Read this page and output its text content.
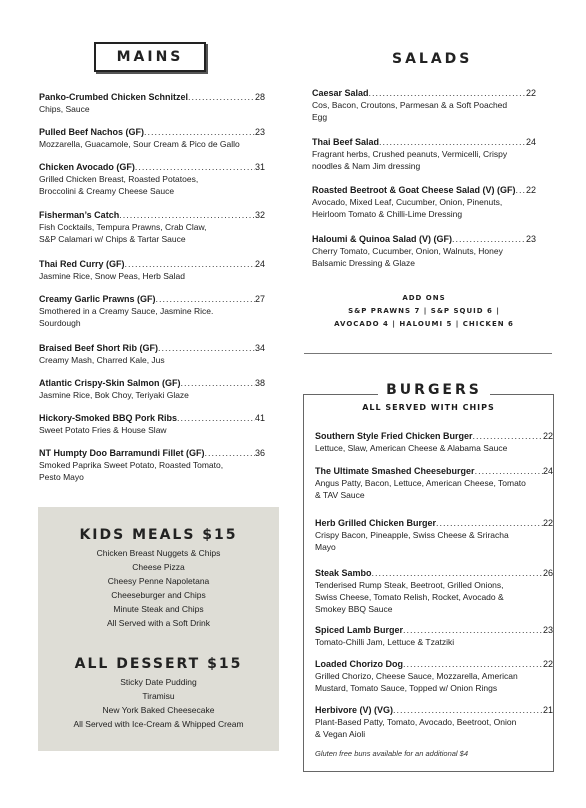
MAINS
Panko-Crumbed Chicken Schnitzel .....	28
Chips, Sauce
Pulled Beef Nachos (GF) .....	23
Mozzarella, Guacamole, Sour Cream & Pico de Gallo
Chicken Avocado (GF) .....	31
Grilled Chicken Breast, Roasted Potatoes,
Broccolini & Creamy Cheese Sauce
Fisherman’s Catch .....	32
Fish Cocktails, Tempura Prawns, Crab Claw,
S&P Calamari w/ Chips & Tartar Sauce
Thai Red Curry (GF) .....	24
Jasmine Rice, Snow Peas, Herb Salad
Creamy Garlic Prawns (GF) .....	27
Smothered in a Creamy Sauce, Jasmine Rice.
Sourdough
Braised Beef Short Rib (GF) .....	34
Creamy Mash, Charred Kale, Jus
Atlantic Crispy-Skin Salmon (GF) .....	38
Jasmine Rice, Bok Choy, Teriyaki Glaze
Hickory-Smoked BBQ Pork Ribs .....	41
Sweet Potato Fries & House Slaw
NT Humpty Doo Barramundi Fillet (GF) .....	36
Smoked Paprika Sweet Potato, Roasted Tomato,
Pesto Mayo
SALADS
Caesar Salad .....	22
Cos, Bacon, Croutons, Parmesan & a Soft Poached
Egg
Thai Beef Salad .....	24
Fragrant herbs, Crushed peanuts, Vermicelli, Crispy
noodles & Nam Jim dressing
Roasted Beetroot & Goat Cheese Salad (V) (GF) ..... 22
Avocado, Mixed Leaf, Cucumber, Onion, Pinenuts,
Heirloom Tomato & Chilli-Lime Dressing
Haloumi & Quinoa Salad (V) (GF) .....	23
Cherry Tomato, Cucumber, Onion, Walnuts, Honey
Balsamic Dressing & Glaze
ADD ONS
S&P PRAWNS 7 | S&P SQUID 6 |
AVOCADO 4 | HALOUMI 5 | CHICKEN 6
BURGERS
ALL SERVED WITH CHIPS
Southern Style Fried Chicken Burger .....	22
Lettuce, Slaw, American Cheese & Alabama Sauce
The Ultimate Smashed Cheeseburger .....	24
Angus Patty, Bacon, Lettuce, American Cheese, Tomato
& TAV Sauce
Herb Grilled Chicken Burger .....	22
Crispy Bacon, Pineapple, Swiss Cheese & Sriracha
Mayo
Steak Sambo .....	26
Tenderised Rump Steak, Beetroot, Grilled Onions,
Swiss Cheese, Tomato Relish, Rocket, Avocado &
Smokey BBQ Sauce
Spiced Lamb Burger .....	23
Tomato-Chilli Jam, Lettuce & Tzatziki
Loaded Chorizo Dog .....	22
Grilled Chorizo, Cheese Sauce, Mozzarella, American
Mustard, Tomato Sauce, Topped w/ Onion Rings
Herbivore (V) (VG) .....	21
Plant-Based Patty, Tomato, Avocado, Beetroot, Onion
& Vegan Aioli
Gluten free buns available for an additional $4
KIDS MEALS $15
Chicken Breast Nuggets & Chips
Cheese Pizza
Cheesy Penne Napoletana
Cheeseburger and Chips
Minute Steak and Chips
All Served with a Soft Drink
ALL DESSERT $15
Sticky Date Pudding
Tiramisu
New York Baked Cheesecake
All Served with Ice-Cream & Whipped Cream
